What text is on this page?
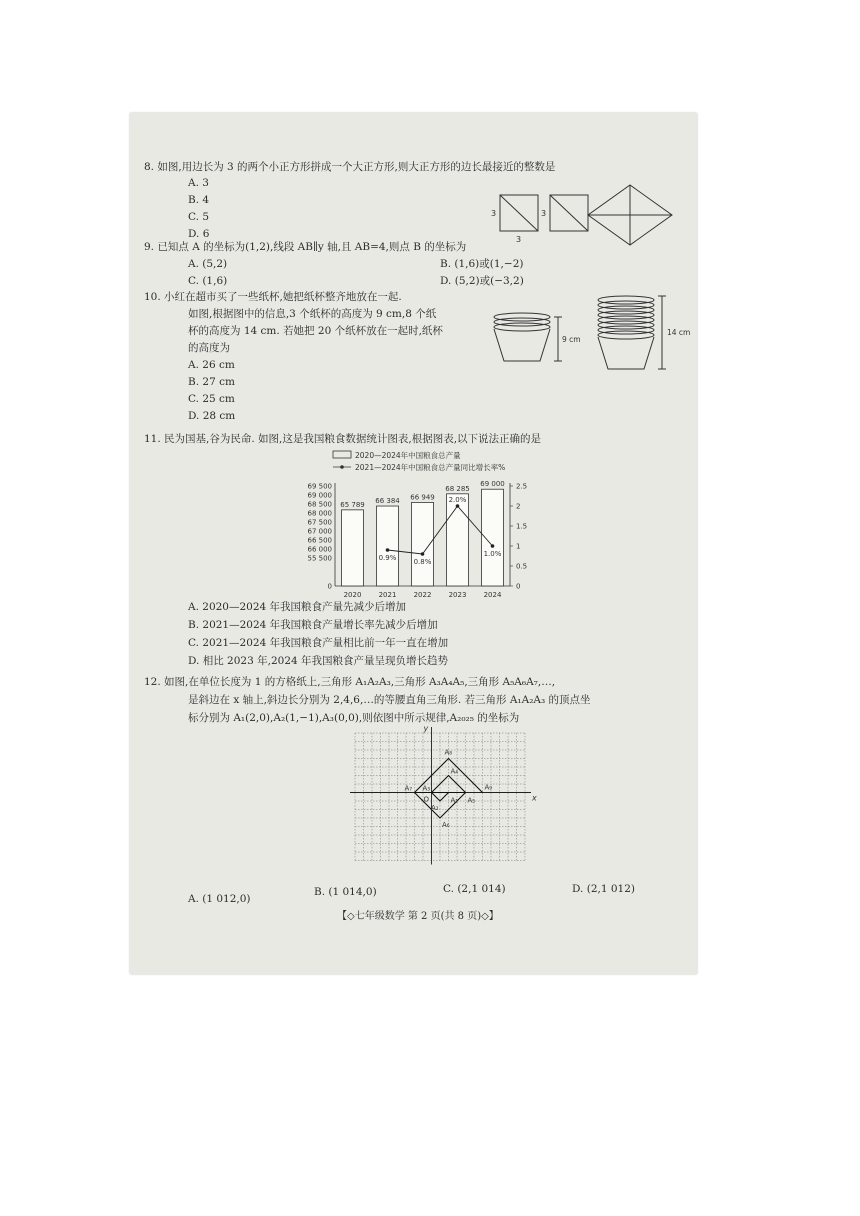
8. 如图,用边长为 3 的两个小正方形拼成一个大正方形,则大正方形的边长最接近的整数是
A. 3
B. 4
C. 5
D. 6
3
3
3
9. 已知点 A 的坐标为(1,2),线段 AB∥y 轴,且 AB=4,则点 B 的坐标为
A. (5,2)	B. (1,6)或(1,−2)
C. (1,6)	D. (5,2)或(−3,2)
10. 小红在超市买了一些纸杯,她把纸杯整齐地放在一起.
如图,根据图中的信息,3 个纸杯的高度为 9 cm,8 个纸
杯的高度为 14 cm. 若她把 20 个纸杯放在一起时,纸杯
的高度为
A. 26 cm
B. 27 cm
C. 25 cm
D. 28 cm
9 cm
14 cm
11. 民为国基,谷为民命. 如图,这是我国粮食数据统计图表,根据图表,以下说法正确的是
2020—2024年中国粮食总产量
2021—2024年中国粮食总产量同比增长率%
69 500
69 000
68 500
68 000
67 500
67 000
66 500
66 000
55 500
0
2.5
2
1.5
1
0.5
0
65 789
2020
66 384
2021
66 949
2022
68 285
2023
69 000
2024
0.9% 0.8%
2.0%
1.0%
A. 2020—2024 年我国粮食产量先减少后增加
B. 2021—2024 年我国粮食产量增长率先减少后增加
C. 2021—2024 年我国粮食产量相比前一年一直在增加
D. 相比 2023 年,2024 年我国粮食产量呈现负增长趋势
12. 如图,在单位长度为 1 的方格纸上,三角形 A₁A₂A₃,三角形 A₃A₄A₅,三角形 A₅A₆A₇,…,
是斜边在 x 轴上,斜边长分别为 2,4,6,…的等腰直角三角形. 若三角形 A₁A₂A₃ 的顶点坐
标分别为 A₁(2,0),A₂(1,−1),A₃(0,0),则依图中所示规律,A₂₀₂₅ 的坐标为
x
y
O	A₁
A₂
A₃
A₄
A₅
A₆
A₇
A₈
A₉
A. (1 012,0)
B. (1 014,0)	C. (2,1 014)	D. (2,1 012)
【◇七年级数学 第 2 页(共 8 页)◇】
